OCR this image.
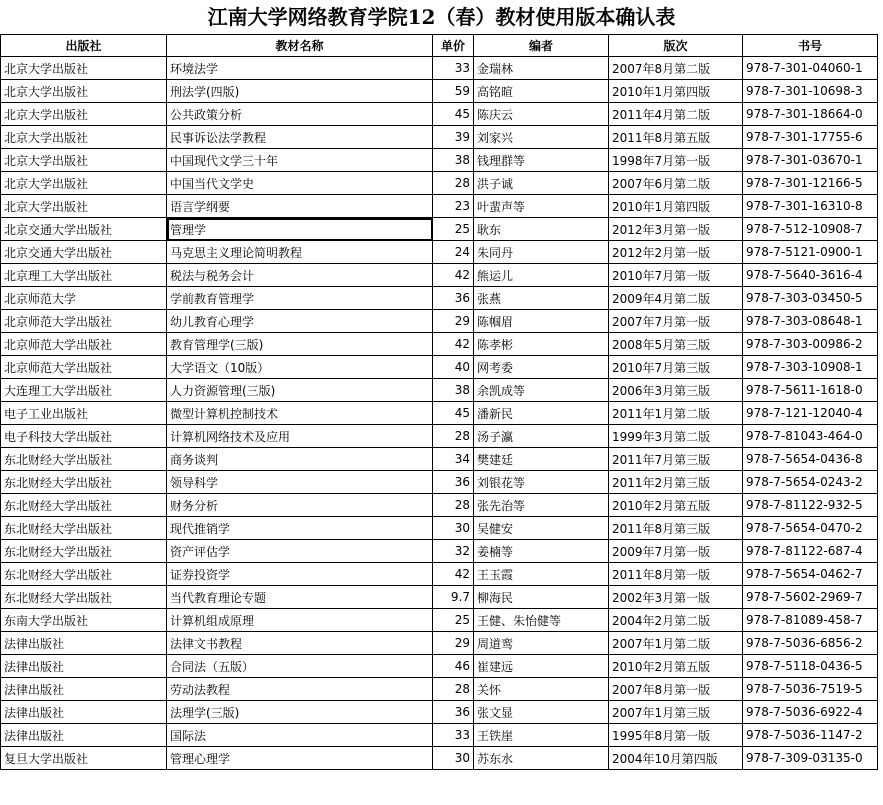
江南大学网络教育学院12（春）教材使用版本确认表
出版社	教材名称	单价	编者	版次	书号
北京大学出版社	环境法学	33	金瑞林	2007年8月第二版	978-7-301-04060-1
北京大学出版社	刑法学(四版)	59	高铭暄	2010年1月第四版	978-7-301-10698-3
北京大学出版社	公共政策分析	45	陈庆云	2011年4月第二版	978-7-301-18664-0
北京大学出版社	民事诉讼法学教程	39	刘家兴	2011年8月第五版	978-7-301-17755-6
北京大学出版社	中国现代文学三十年	38	钱理群等	1998年7月第一版	978-7-301-03670-1
北京大学出版社	中国当代文学史	28	洪子诚	2007年6月第二版	978-7-301-12166-5
北京大学出版社	语言学纲要	23	叶蜚声等	2010年1月第四版	978-7-301-16310-8
北京交通大学出版社	管理学	25	耿东	2012年3月第一版	978-7-512-10908-7
北京交通大学出版社	马克思主义理论简明教程	24	朱同丹	2012年2月第一版	978-7-5121-0900-1
北京理工大学出版社	税法与税务会计	42	熊运儿	2010年7月第一版	978-7-5640-3616-4
北京师范大学	学前教育管理学	36	张燕	2009年4月第二版	978-7-303-03450-5
北京师范大学出版社	幼儿教育心理学	29	陈帼眉	2007年7月第一版	978-7-303-08648-1
北京师范大学出版社	教育管理学(三版)	42	陈孝彬	2008年5月第三版	978-7-303-00986-2
北京师范大学出版社	大学语文（10版）	40	网考委	2010年7月第三版	978-7-303-10908-1
大连理工大学出版社	人力资源管理(三版)	38	余凯成等	2006年3月第三版	978-7-5611-1618-0
电子工业出版社	微型计算机控制技术	45	潘新民	2011年1月第二版	978-7-121-12040-4
电子科技大学出版社	计算机网络技术及应用	28	汤子瀛	1999年3月第二版	978-7-81043-464-0
东北财经大学出版社	商务谈判	34	樊建廷	2011年7月第三版	978-7-5654-0436-8
东北财经大学出版社	领导科学	36	刘银花等	2011年2月第三版	978-7-5654-0243-2
东北财经大学出版社	财务分析	28	张先治等	2010年2月第五版	978-7-81122-932-5
东北财经大学出版社	现代推销学	30	吴健安	2011年8月第三版	978-7-5654-0470-2
东北财经大学出版社	资产评估学	32	姜楠等	2009年7月第一版	978-7-81122-687-4
东北财经大学出版社	证券投资学	42	王玉霞	2011年8月第一版	978-7-5654-0462-7
东北财经大学出版社	当代教育理论专题	9.7	柳海民	2002年3月第一版	978-7-5602-2969-7
东南大学出版社	计算机组成原理	25	王健、朱怡健等	2004年2月第二版	978-7-81089-458-7
法律出版社	法律文书教程	29	周道鸾	2007年1月第二版	978-7-5036-6856-2
法律出版社	合同法（五版）	46	崔建远	2010年2月第五版	978-7-5118-0436-5
法律出版社	劳动法教程	28	关怀	2007年8月第一版	978-7-5036-7519-5
法律出版社	法理学(三版)	36	张文显	2007年1月第三版	978-7-5036-6922-4
法律出版社	国际法	33	王铁崖	1995年8月第一版	978-7-5036-1147-2
复旦大学出版社	管理心理学	30	苏东水	2004年10月第四版	978-7-309-03135-0
